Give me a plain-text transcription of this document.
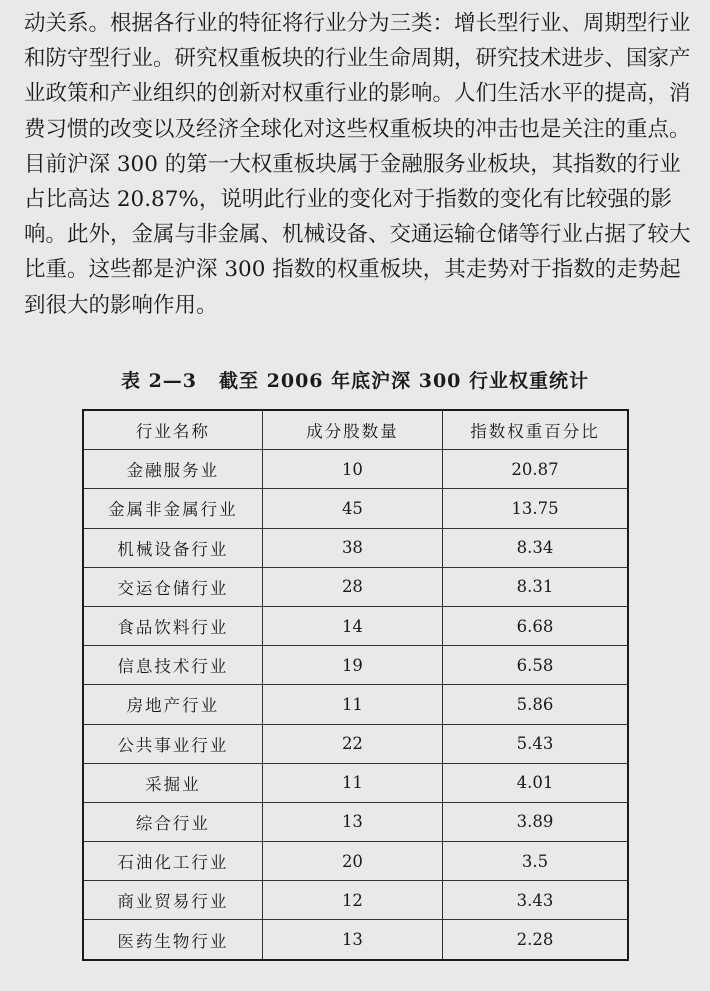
动关系。根据各行业的特征将行业分为三类：增长型行业、周期型行业和防守型行业。研究权重板块的行业生命周期，研究技术进步、国家产业政策和产业组织的创新对权重行业的影响。人们生活水平的提高，消费习惯的改变以及经济全球化对这些权重板块的冲击也是关注的重点。目前沪深 300 的第一大权重板块属于金融服务业板块，其指数的行业占比高达 20.87%，说明此行业的变化对于指数的变化有比较强的影响。此外，金属与非金属、机械设备、交通运输仓储等行业占据了较大比重。这些都是沪深 300 指数的权重板块，其走势对于指数的走势起到很大的影响作用。

表 2—3 截至 2006 年底沪深 300 行业权重统计
行业名称	成分股数量	指数权重百分比
金融服务业	10	20.87
金属非金属行业	45	13.75
机械设备行业	38	8.34
交运仓储行业	28	8.31
食品饮料行业	14	6.68
信息技术行业	19	6.58
房地产行业	11	5.86
公共事业行业	22	5.43
采掘业	11	4.01
综合行业	13	3.89
石油化工行业	20	3.5
商业贸易行业	12	3.43
医药生物行业	13	2.28
